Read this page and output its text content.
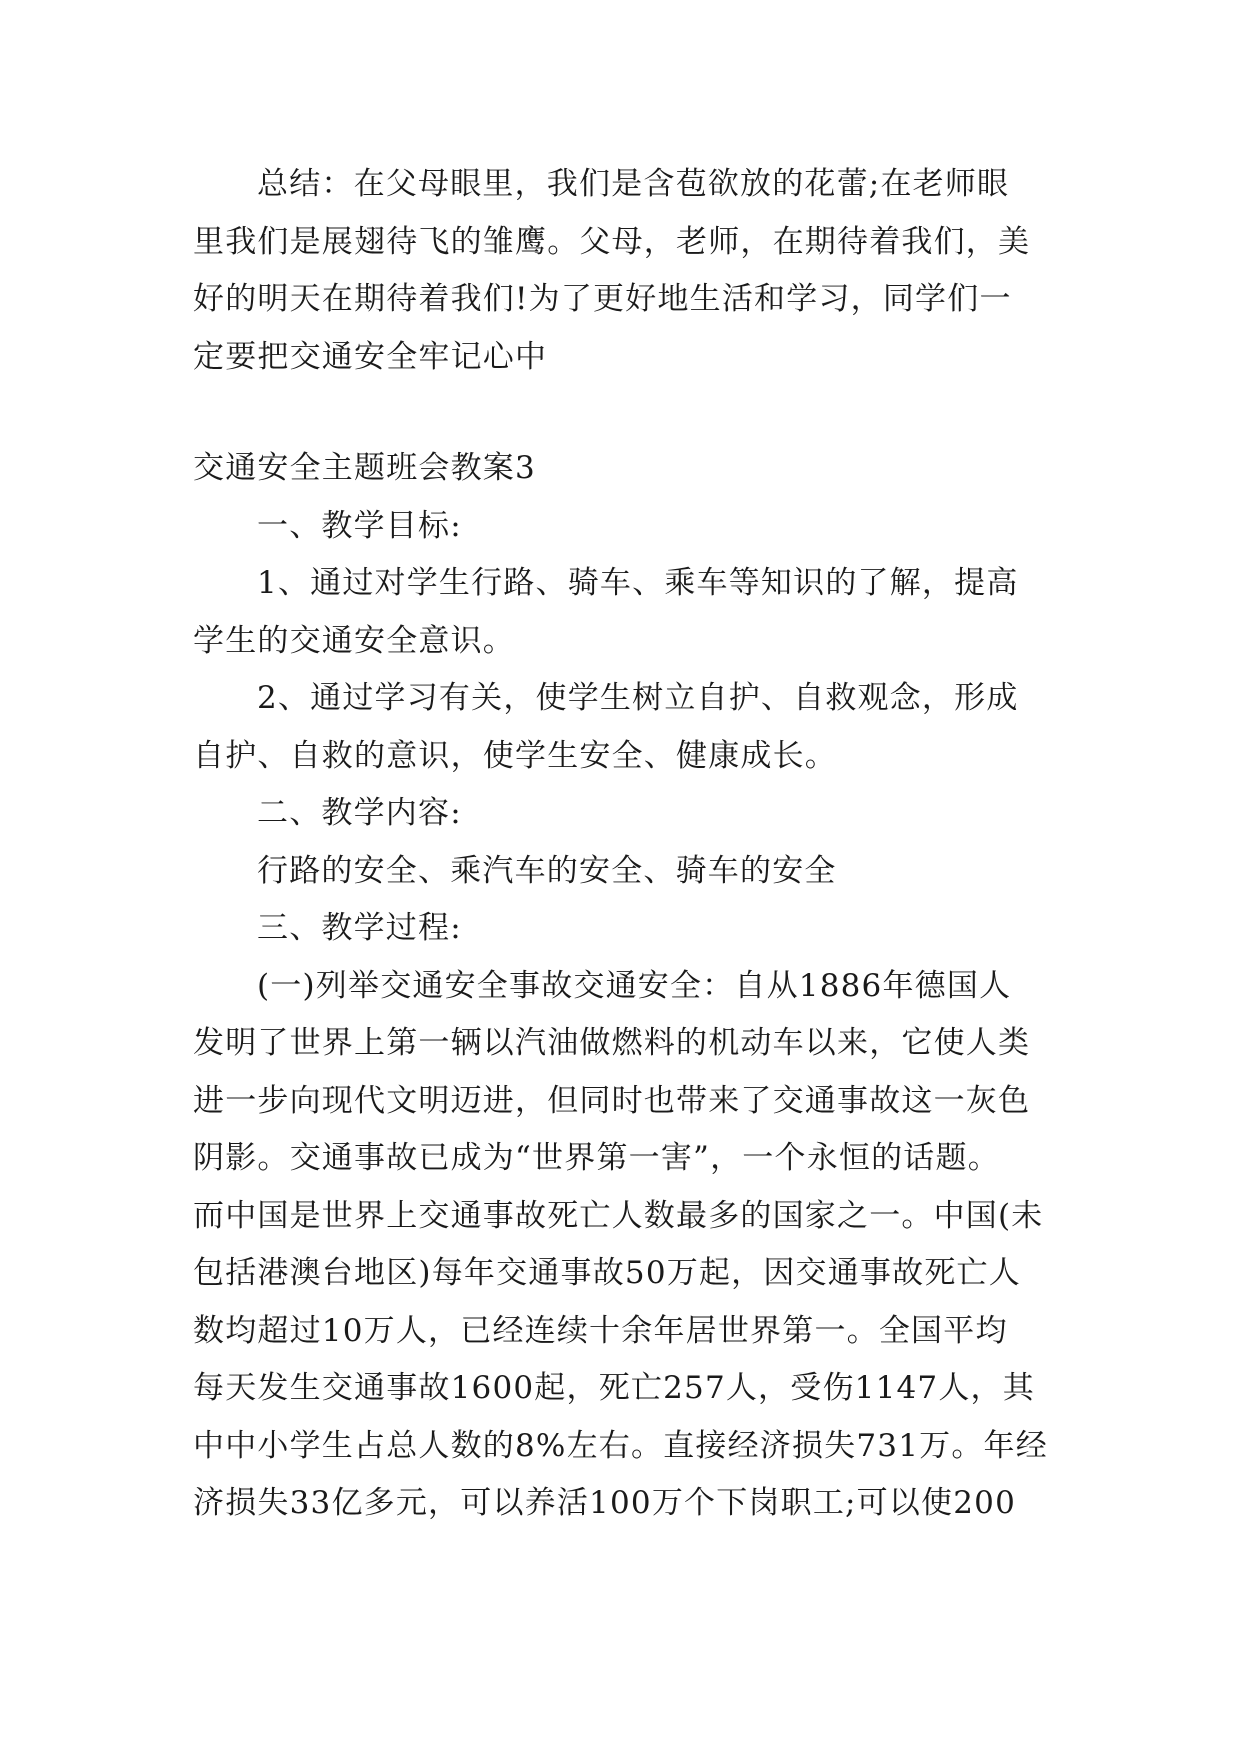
总结：在父母眼里，我们是含苞欲放的花蕾;在老师眼
里我们是展翅待飞的雏鹰。父母，老师，在期待着我们，美
好的明天在期待着我们!为了更好地生活和学习，同学们一
定要把交通安全牢记心中
交通安全主题班会教案3
一、教学目标:
1、通过对学生行路、骑车、乘车等知识的了解，提高
学生的交通安全意识。
2、通过学习有关，使学生树立自护、自救观念，形成
自护、自救的意识，使学生安全、健康成长。
二、教学内容:
行路的安全、乘汽车的安全、骑车的安全
三、教学过程:
(一)列举交通安全事故交通安全：自从1886年德国人
发明了世界上第一辆以汽油做燃料的机动车以来，它使人类
进一步向现代文明迈进，但同时也带来了交通事故这一灰色
阴影。交通事故已成为“世界第一害”，一个永恒的话题。
而中国是世界上交通事故死亡人数最多的国家之一。中国(未
包括港澳台地区)每年交通事故50万起，因交通事故死亡人
数均超过10万人，已经连续十余年居世界第一。全国平均
每天发生交通事故1600起，死亡257人，受伤1147人，其
中中小学生占总人数的8%左右。直接经济损失731万。年经
济损失33亿多元，可以养活100万个下岗职工;可以使200
